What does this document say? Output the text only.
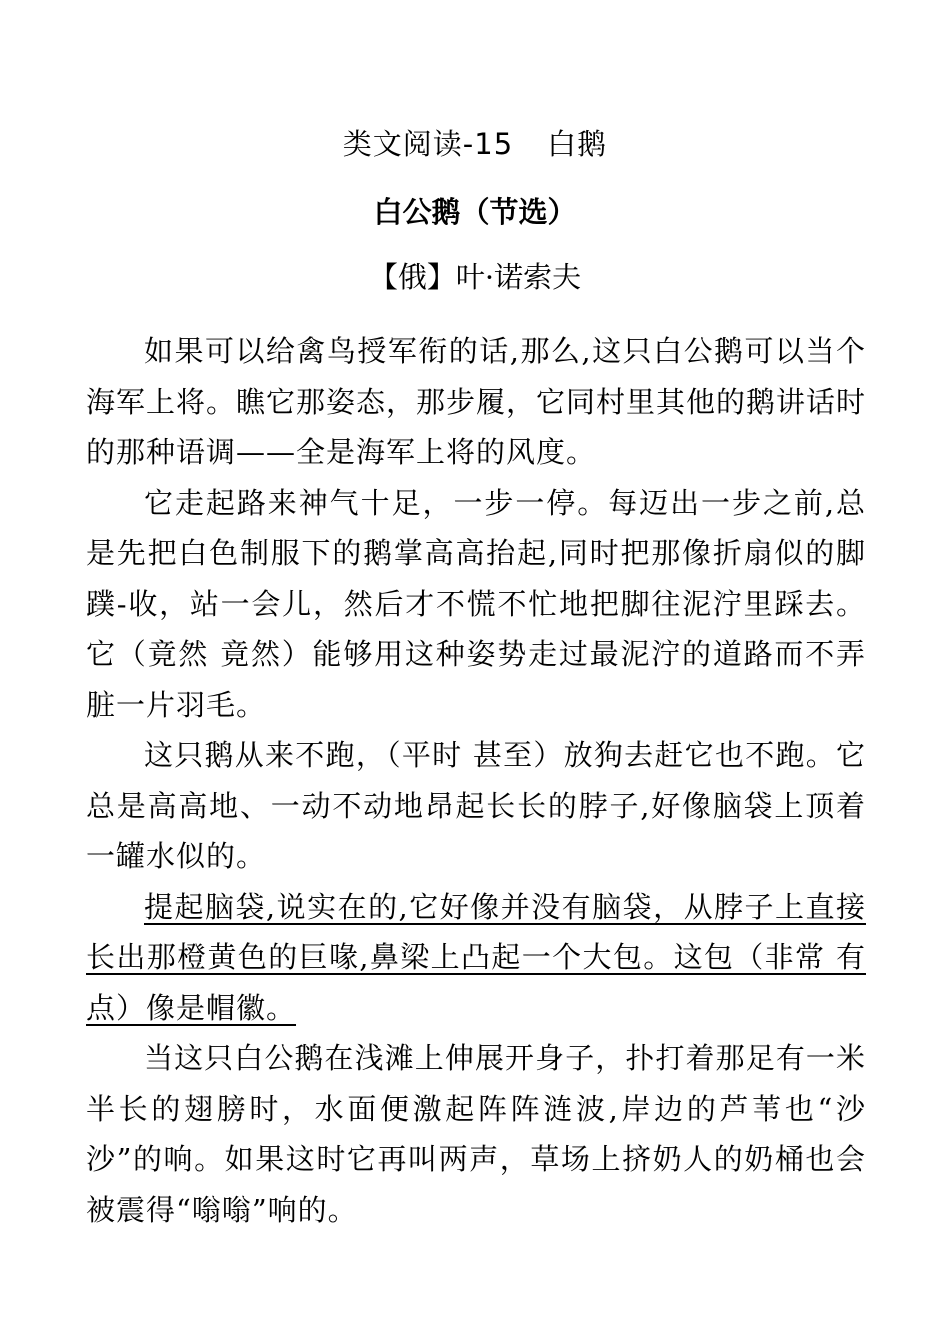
类文阅读-15 白鹅
白公鹅（节选）
【俄】叶·诺索夫

如果可以给禽鸟授军衔的话,那么,这只白公鹅可以当个海军上将。瞧它那姿态，那步履，它同村里其他的鹅讲话时的那种语调——全是海军上将的风度。

它走起路来神气十足，一步一停。每迈出一步之前,总是先把白色制服下的鹅掌高高抬起,同时把那像折扇似的脚蹼-收，站一会儿，然后才不慌不忙地把脚往泥泞里踩去。它（竟然 竟然）能够用这种姿势走过最泥泞的道路而不弄脏一片羽毛。

这只鹅从来不跑，（平时 甚至）放狗去赶它也不跑。它总是高高地、一动不动地昂起长长的脖子,好像脑袋上顶着一罐水似的。

提起脑袋,说实在的,它好像并没有脑袋，从脖子上直接长出那橙黄色的巨喙,鼻梁上凸起一个大包。这包（非常 有点）像是帽徽。

当这只白公鹅在浅滩上伸展开身子，扑打着那足有一米半长的翅膀时，水面便激起阵阵涟波,岸边的芦苇也“沙沙”的响。如果这时它再叫两声，草场上挤奶人的奶桶也会被震得“嗡嗡”响的。
